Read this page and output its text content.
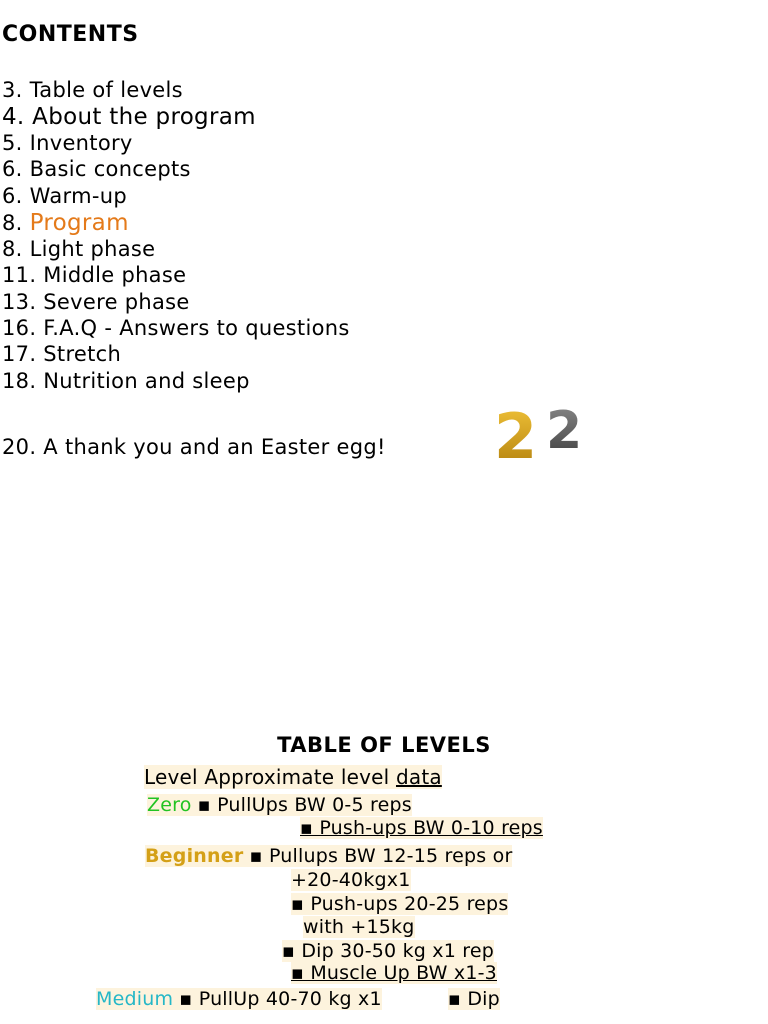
CONTENTS
3. Table of levels
4. About the program
5. Inventory
6. Basic concepts
6. Warm-up
8. Program
8. Light phase
11. Middle phase
13. Severe phase
16. F.A.Q - Answers to questions
17. Stretch
18. Nutrition and sleep
20. A thank you and an Easter egg! 2 2
TABLE OF LEVELS
Level Approximate level data
Zero ▪ PullUps BW 0-5 reps
▪ Push-ups BW 0-10 reps
Beginner ▪ Pullups BW 12-15 reps or
+20-40kgx1
▪ Push-ups 20-25 reps
with +15kg
▪ Dip 30-50 kg x1 rep
▪ Muscle Up BW x1-3
Medium ▪ PullUp 40-70 kg x1	▪ Dip
